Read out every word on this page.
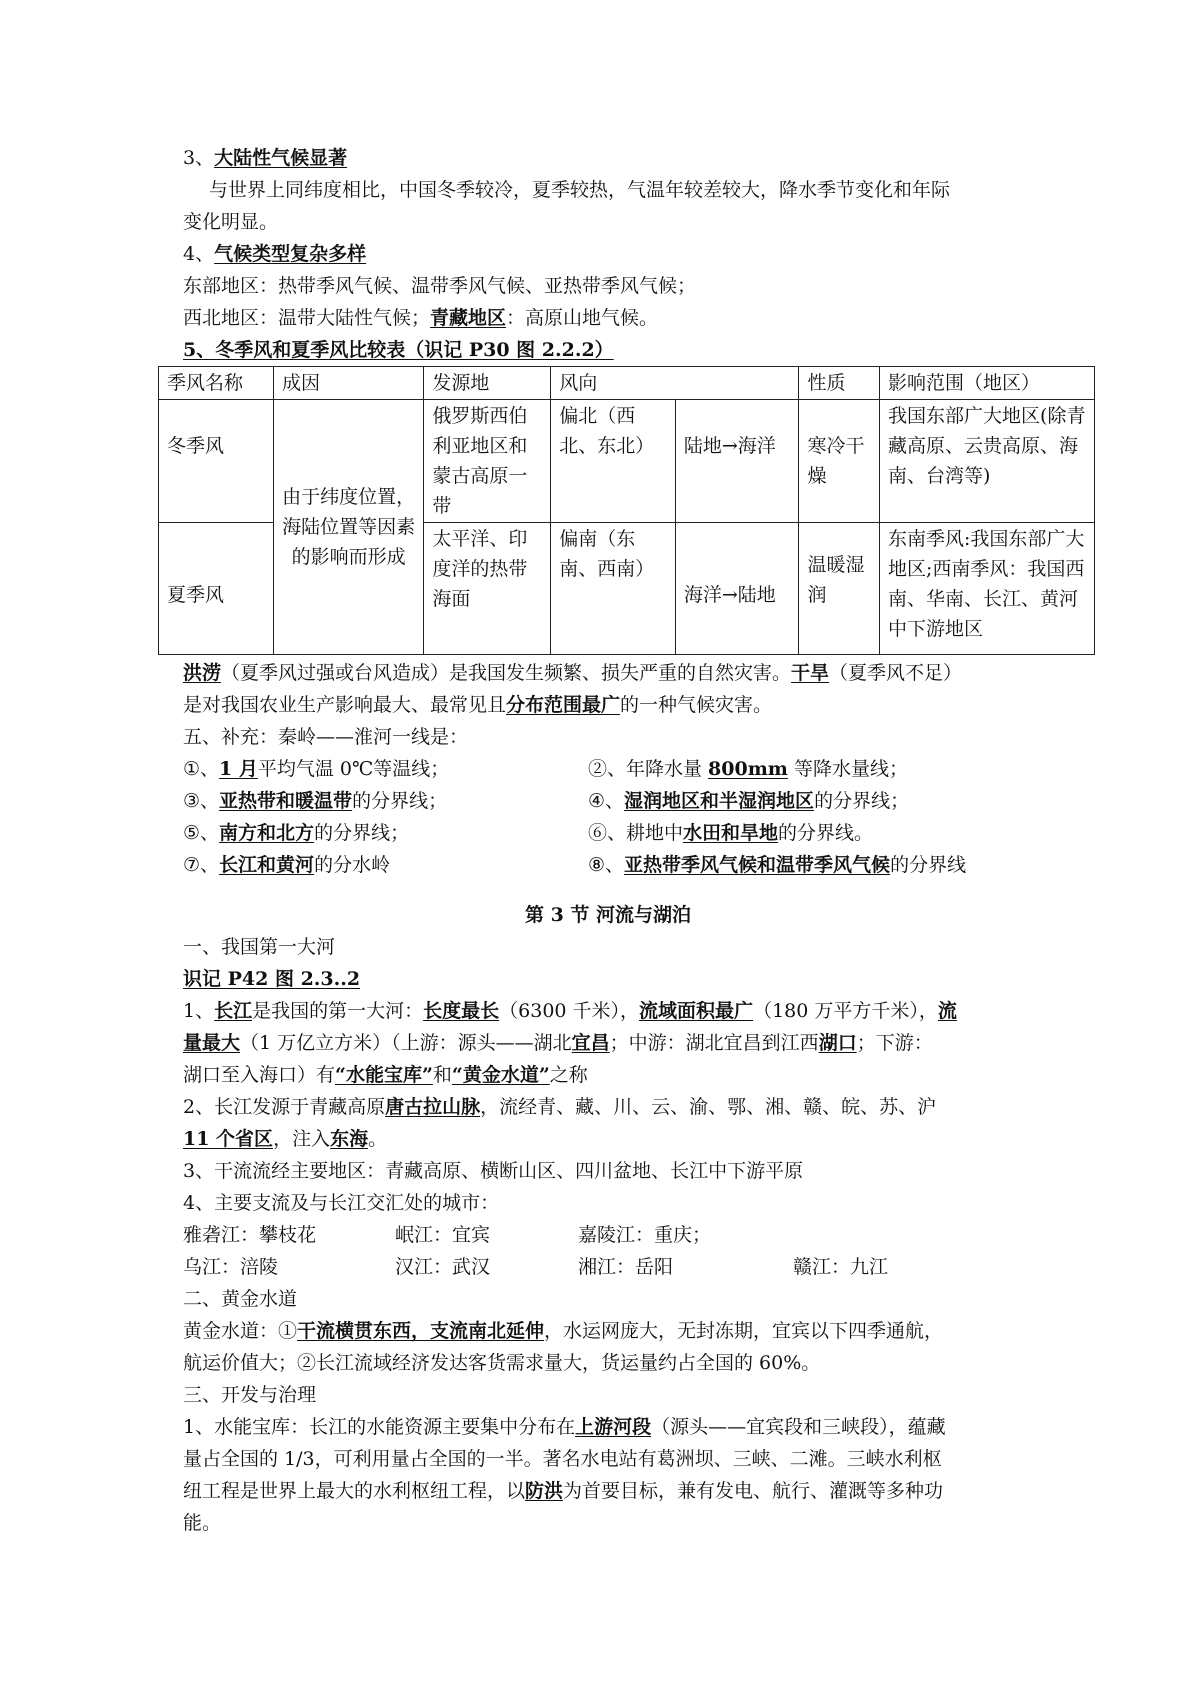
3、大陆性气候显著
与世界上同纬度相比，中国冬季较冷，夏季较热，气温年较差较大，降水季节变化和年际
变化明显。
4、气候类型复杂多样
东部地区：热带季风气候、温带季风气候、亚热带季风气候；
西北地区：温带大陆性气候；青藏地区：高原山地气候。
5、冬季风和夏季风比较表（识记 P30 图 2.2.2）
季风名称	成因	发源地	风向		性质	影响范围（地区）

冬季风	由于纬度位置，海陆位置等因素的影响而形成	俄罗斯西伯利亚地区和蒙古高原一带	偏北（西北、东北）	陆地→海洋	寒冷干燥	我国东部广大地区(除青藏高原、云贵高原、海南、台湾等)

夏季风		太平洋、印度洋的热带海面	偏南（东南、西南）	海洋→陆地	温暖湿润	东南季风:我国东部广大地区;西南季风：我国西南、华南、长江、黄河中下游地区
洪涝（夏季风过强或台风造成）是我国发生频繁、损失严重的自然灾害。干旱（夏季风不足）
是对我国农业生产影响最大、最常见且分布范围最广的一种气候灾害。
五、补充：秦岭——淮河一线是：
①、1 月平均气温 0℃等温线；	②、年降水量 800mm 等降水量线；
③、亚热带和暖温带的分界线；	④、湿润地区和半湿润地区的分界线；
⑤、南方和北方的分界线；	⑥、耕地中水田和旱地的分界线。
⑦、长江和黄河的分水岭	⑧、亚热带季风气候和温带季风气候的分界线
第 3 节 河流与湖泊
一、我国第一大河
识记 P42 图 2.3..2
1、长江是我国的第一大河：长度最长（6300 千米），流域面积最广（180 万平方千米），流
量最大（1 万亿立方米）（上游：源头——湖北宜昌；中游：湖北宜昌到江西湖口；下游：
湖口至入海口）有“水能宝库”和“黄金水道”之称
2、长江发源于青藏高原唐古拉山脉，流经青、藏、川、云、渝、鄂、湘、赣、皖、苏、沪
11 个省区，注入东海。
3、干流流经主要地区：青藏高原、横断山区、四川盆地、长江中下游平原
4、主要支流及与长江交汇处的城市：
雅砻江：攀枝花	岷江：宜宾	嘉陵江：重庆；
乌江：涪陵	汉江：武汉	湘江：岳阳	赣江：九江
二、黄金水道
黄金水道：①干流横贯东西，支流南北延伸，水运网庞大，无封冻期，宜宾以下四季通航，
航运价值大；②长江流域经济发达客货需求量大，货运量约占全国的 60%。
三、开发与治理
1、水能宝库：长江的水能资源主要集中分布在上游河段（源头——宜宾段和三峡段），蕴藏
量占全国的 1/3，可利用量占全国的一半。著名水电站有葛洲坝、三峡、二滩。三峡水利枢
纽工程是世界上最大的水利枢纽工程，以防洪为首要目标，兼有发电、航行、灌溉等多种功
能。
